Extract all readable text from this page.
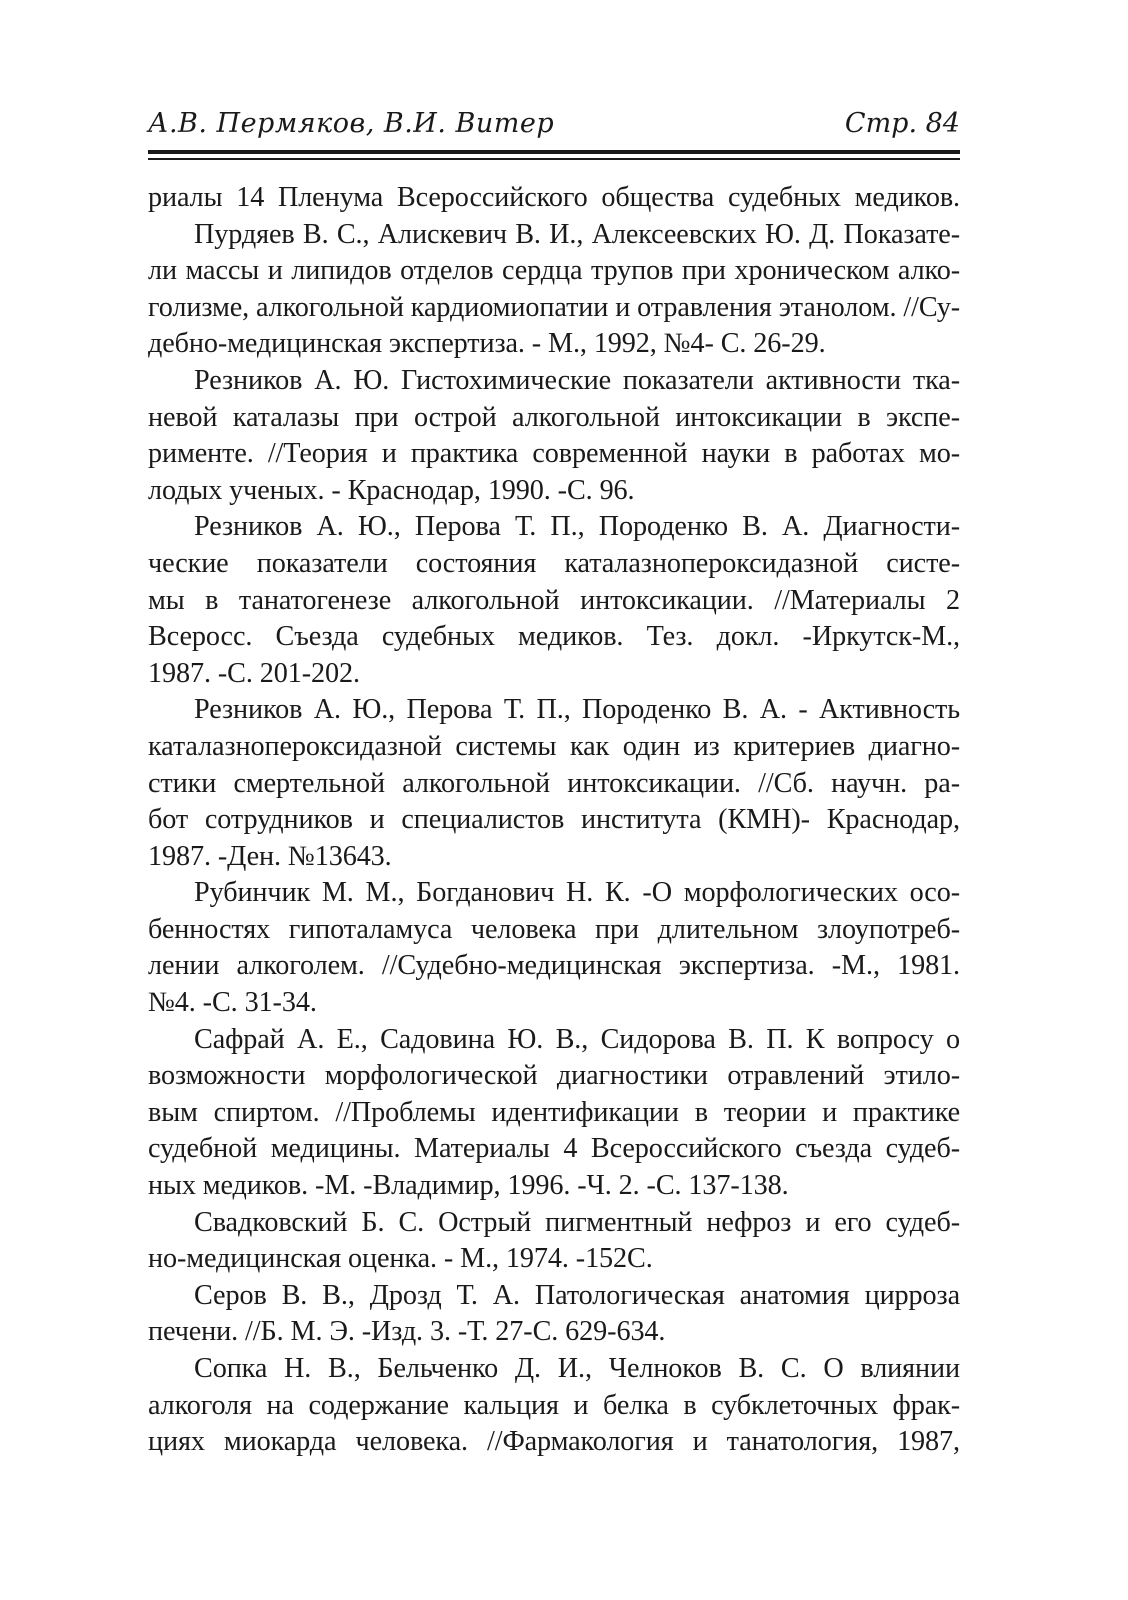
А.В. Пермяков, В.И. Витер	Стр. 84
риалы 14 Пленума Всероссийского общества судебных медиков.
Пурдяев В. С., Алискевич В. И., Алексеевских Ю. Д. Показате-
ли массы и липидов отделов сердца трупов при хроническом алко-
голизме, алкогольной кардиомиопатии и отравления этанолом. //Су-
дебно-медицинская экспертиза. - М., 1992, №4- С. 26-29.
Резников А. Ю. Гистохимические показатели активности тка-
невой каталазы при острой алкогольной интоксикации в экспе-
рименте. //Теория и практика современной науки в работах мо-
лодых ученых. - Краснодар, 1990. -С. 96.
Резников А. Ю., Перова Т. П., Породенко В. А. Диагности-
ческие показатели состояния каталазнопероксидазной систе-
мы в танатогенезе алкогольной интоксикации. //Материалы 2
Всеросс. Съезда судебных медиков. Тез. докл. -Иркутск-М.,
1987. -С. 201-202.
Резников А. Ю., Перова Т. П., Породенко В. А. - Активность
каталазнопероксидазной системы как один из критериев диагно-
стики смертельной алкогольной интоксикации. //Сб. научн. ра-
бот сотрудников и специалистов института (КМН)- Краснодар,
1987. -Ден. №13643.
Рубинчик М. М., Богданович Н. К. -О морфологических осо-
бенностях гипоталамуса человека при длительном злоупотреб-
лении алкоголем. //Судебно-медицинская экспертиза. -М., 1981.
№4. -С. 31-34.
Сафрай А. Е., Садовина Ю. В., Сидорова В. П. К вопросу о
возможности морфологической диагностики отравлений этило-
вым спиртом. //Проблемы идентификации в теории и практике
судебной медицины. Материалы 4 Всероссийского съезда судеб-
ных медиков. -М. -Владимир, 1996. -Ч. 2. -С. 137-138.
Свадковский Б. С. Острый пигментный нефроз и его судеб-
но-медицинская оценка. - М., 1974. -152С.
Серов В. В., Дрозд Т. А. Патологическая анатомия цирроза
печени. //Б. М. Э. -Изд. 3. -Т. 27-С. 629-634.
Сопка Н. В., Бельченко Д. И., Челноков В. С. О влиянии
алкоголя на содержание кальция и белка в субклеточных фрак-
циях миокарда человека. //Фармакология и танатология, 1987,
